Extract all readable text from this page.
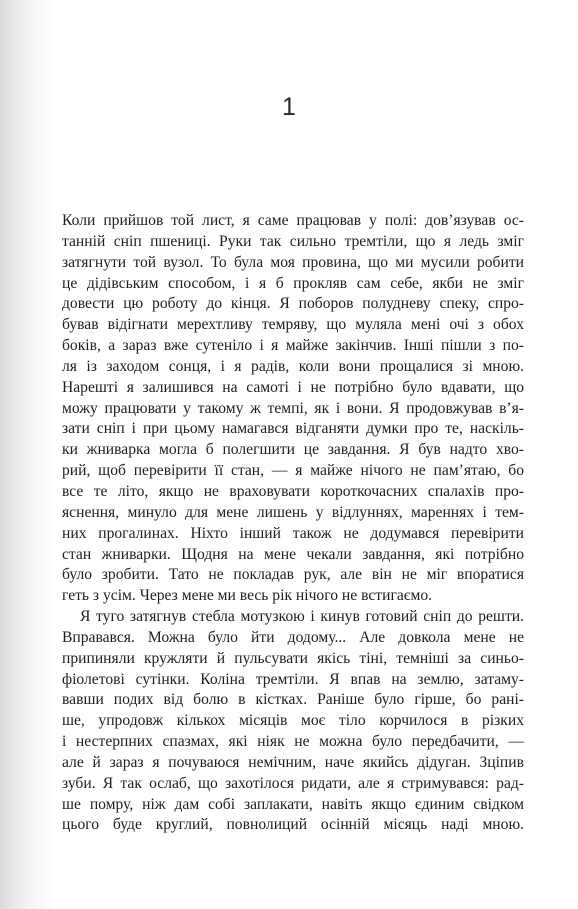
1
Коли прийшов той лист, я саме працював у полі: дов’язував ос-
танній сніп пшениці. Руки так сильно тремтіли, що я ледь зміг
затягнути той вузол. То була моя провина, що ми мусили робити
це дідівським способом, і я б прокляв сам себе, якби не зміг
довести цю роботу до кінця. Я поборов полудневу спеку, спро-
бував відігнати мерехтливу темряву, що муляла мені очі з обох
боків, а зараз вже сутеніло і я майже закінчив. Інші пішли з по-
ля із заходом сонця, і я радів, коли вони прощалися зі мною.
Нарешті я залишився на самоті і не потрібно було вдавати, що
можу працювати у такому ж темпі, як і вони. Я продовжував в’я-
зати сніп і при цьому намагався відганяти думки про те, наскіль-
ки жниварка могла б полегшити це завдання. Я був надто хво-
рий, щоб перевірити її стан, — я майже нічого не пам’ятаю, бо
все те літо, якщо не враховувати короткочасних спалахів про-
яснення, минуло для мене лишень у відлуннях, мареннях і тем-
них прогалинах. Ніхто інший також не додумався перевірити
стан жниварки. Щодня на мене чекали завдання, які потрібно
було зробити. Тато не покладав рук, але він не міг впоратися
геть з усім. Через мене ми весь рік нічого не встигаємо.
Я туго затягнув стебла мотузкою і кинув готовий сніп до решти.
Вправався. Можна було йти додому... Але довкола мене не
припиняли кружляти й пульсувати якісь тіні, темніші за синьо-
фіолетові сутінки. Коліна тремтіли. Я впав на землю, затаму-
вавши подих від болю в кістках. Раніше було гірше, бо рані-
ше, упродовж кількох місяців моє тіло корчилося в різких
і нестерпних спазмах, які ніяк не можна було передбачити, —
але й зараз я почуваюся немічним, наче якийсь дідуган. Зціпив
зуби. Я так ослаб, що захотілося ридати, але я стримувався: рад-
ше помру, ніж дам собі заплакати, навіть якщо єдиним свідком
цього буде круглий, повнолиций осінній місяць наді мною.
